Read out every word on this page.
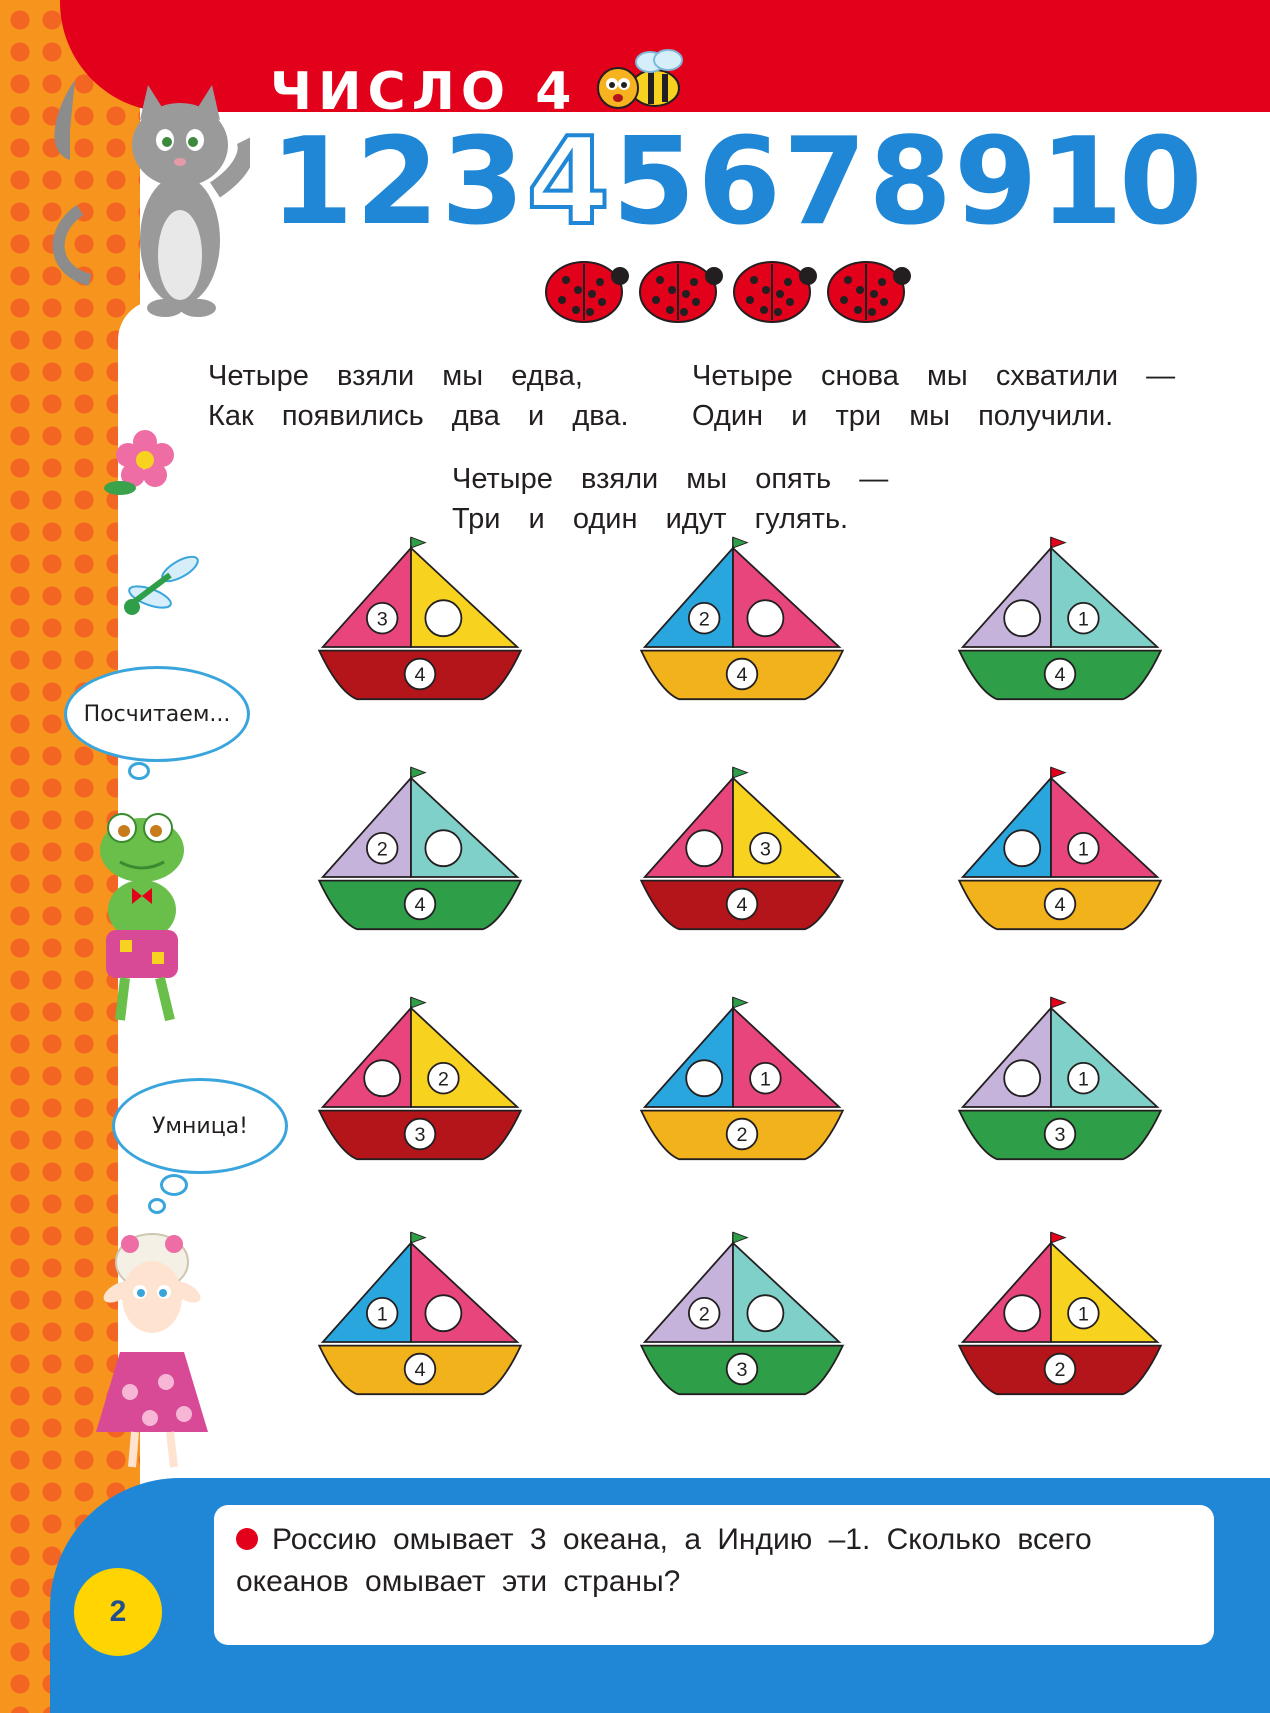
ЧИСЛО 4
1 2 3 4 5 6 7 8 9 10
Четыре  взяли  мы  едва,
Как  появились  два  и  два.
Четыре  снова  мы  схватили  —
Один  и  три  мы  получили.
Четыре  взяли  мы  опять  —
Три  и  один  идут  гулять.
Посчитаем...
Умница!
3
4
2
4
1
4
2
4
3
4
1
4
2
3
1
2
1
3
1
4
2
3
1
2
Россию омывает 3 океана, а Индию –1. Сколько всего океанов омывает эти страны?
2
